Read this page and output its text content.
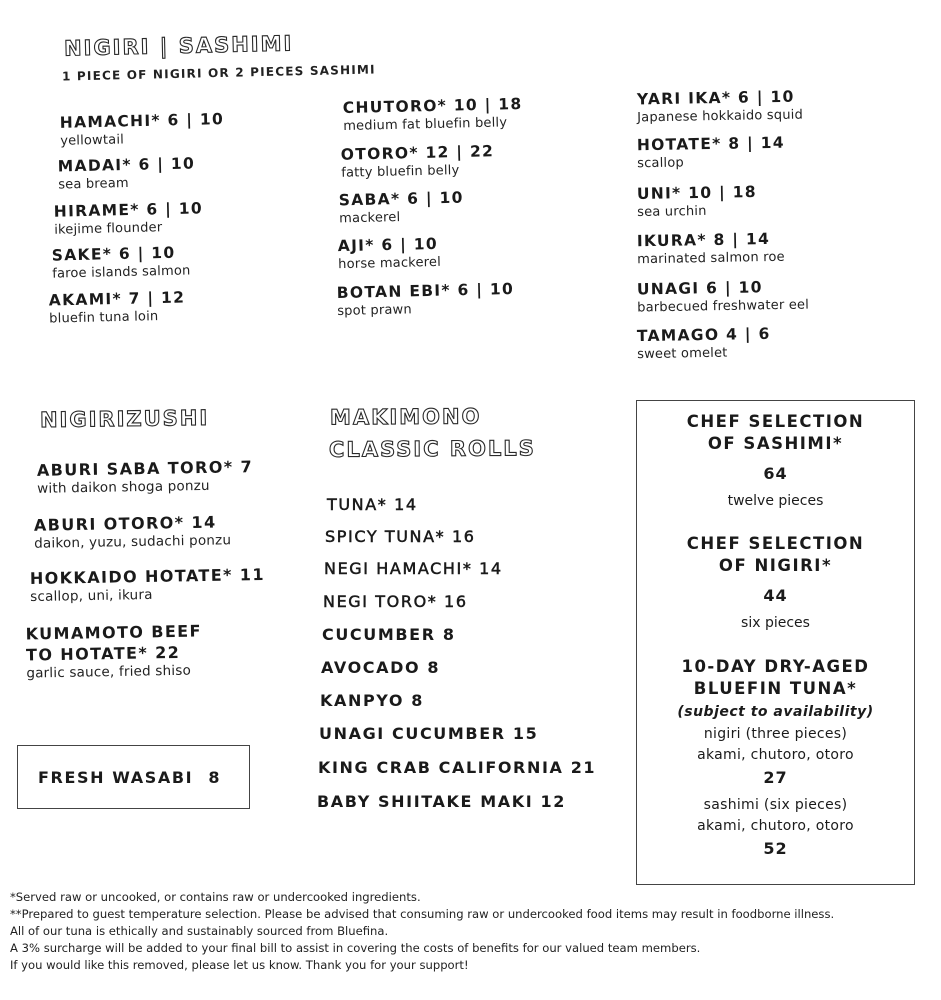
NIGIRI | SASHIMI
1 PIECE OF NIGIRI OR 2 PIECES SASHIMI
HAMACHI* 6 | 10
yellowtail
MADAI* 6 | 10
sea bream
HIRAME* 6 | 10
ikejime flounder
SAKE* 6 | 10
faroe islands salmon
AKAMI* 7 | 12
bluefin tuna loin
CHUTORO* 10 | 18
medium fat bluefin belly
OTORO* 12 | 22
fatty bluefin belly
SABA* 6 | 10
mackerel
AJI* 6 | 10
horse mackerel
BOTAN EBI* 6 | 10
spot prawn
YARI IKA* 6 | 10
Japanese hokkaido squid
HOTATE* 8 | 14
scallop
UNI* 10 | 18
sea urchin
IKURA* 8 | 14
marinated salmon roe
UNAGI 6 | 10
barbecued freshwater eel
TAMAGO 4 | 6
sweet omelet
NIGIRIZUSHI
ABURI SABA TORO* 7
with daikon shoga ponzu
ABURI OTORO* 14
daikon, yuzu, sudachi ponzu
HOKKAIDO HOTATE* 11
scallop, uni, ikura
KUMAMOTO BEEF
TO HOTATE* 22
garlic sauce, fried shiso
FRESH WASABI 8
MAKIMONO
CLASSIC ROLLS
TUNA* 14
SPICY TUNA* 16
NEGI HAMACHI* 14
NEGI TORO* 16
CUCUMBER 8
AVOCADO 8
KANPYO 8
UNAGI CUCUMBER 15
KING CRAB CALIFORNIA 21
BABY SHIITAKE MAKI 12
CHEF SELECTION
OF SASHIMI*
64
twelve pieces
CHEF SELECTION
OF NIGIRI*
44
six pieces
10-DAY DRY-AGED
BLUEFIN TUNA*
(subject to availability)
nigiri (three pieces)
akami, chutoro, otoro
27
sashimi (six pieces)
akami, chutoro, otoro
52
*Served raw or uncooked, or contains raw or undercooked ingredients.
**Prepared to guest temperature selection. Please be advised that consuming raw or undercooked food items may result in foodborne illness.
All of our tuna is ethically and sustainably sourced from Bluefina.
A 3% surcharge will be added to your final bill to assist in covering the costs of benefits for our valued team members.
If you would like this removed, please let us know. Thank you for your support!
